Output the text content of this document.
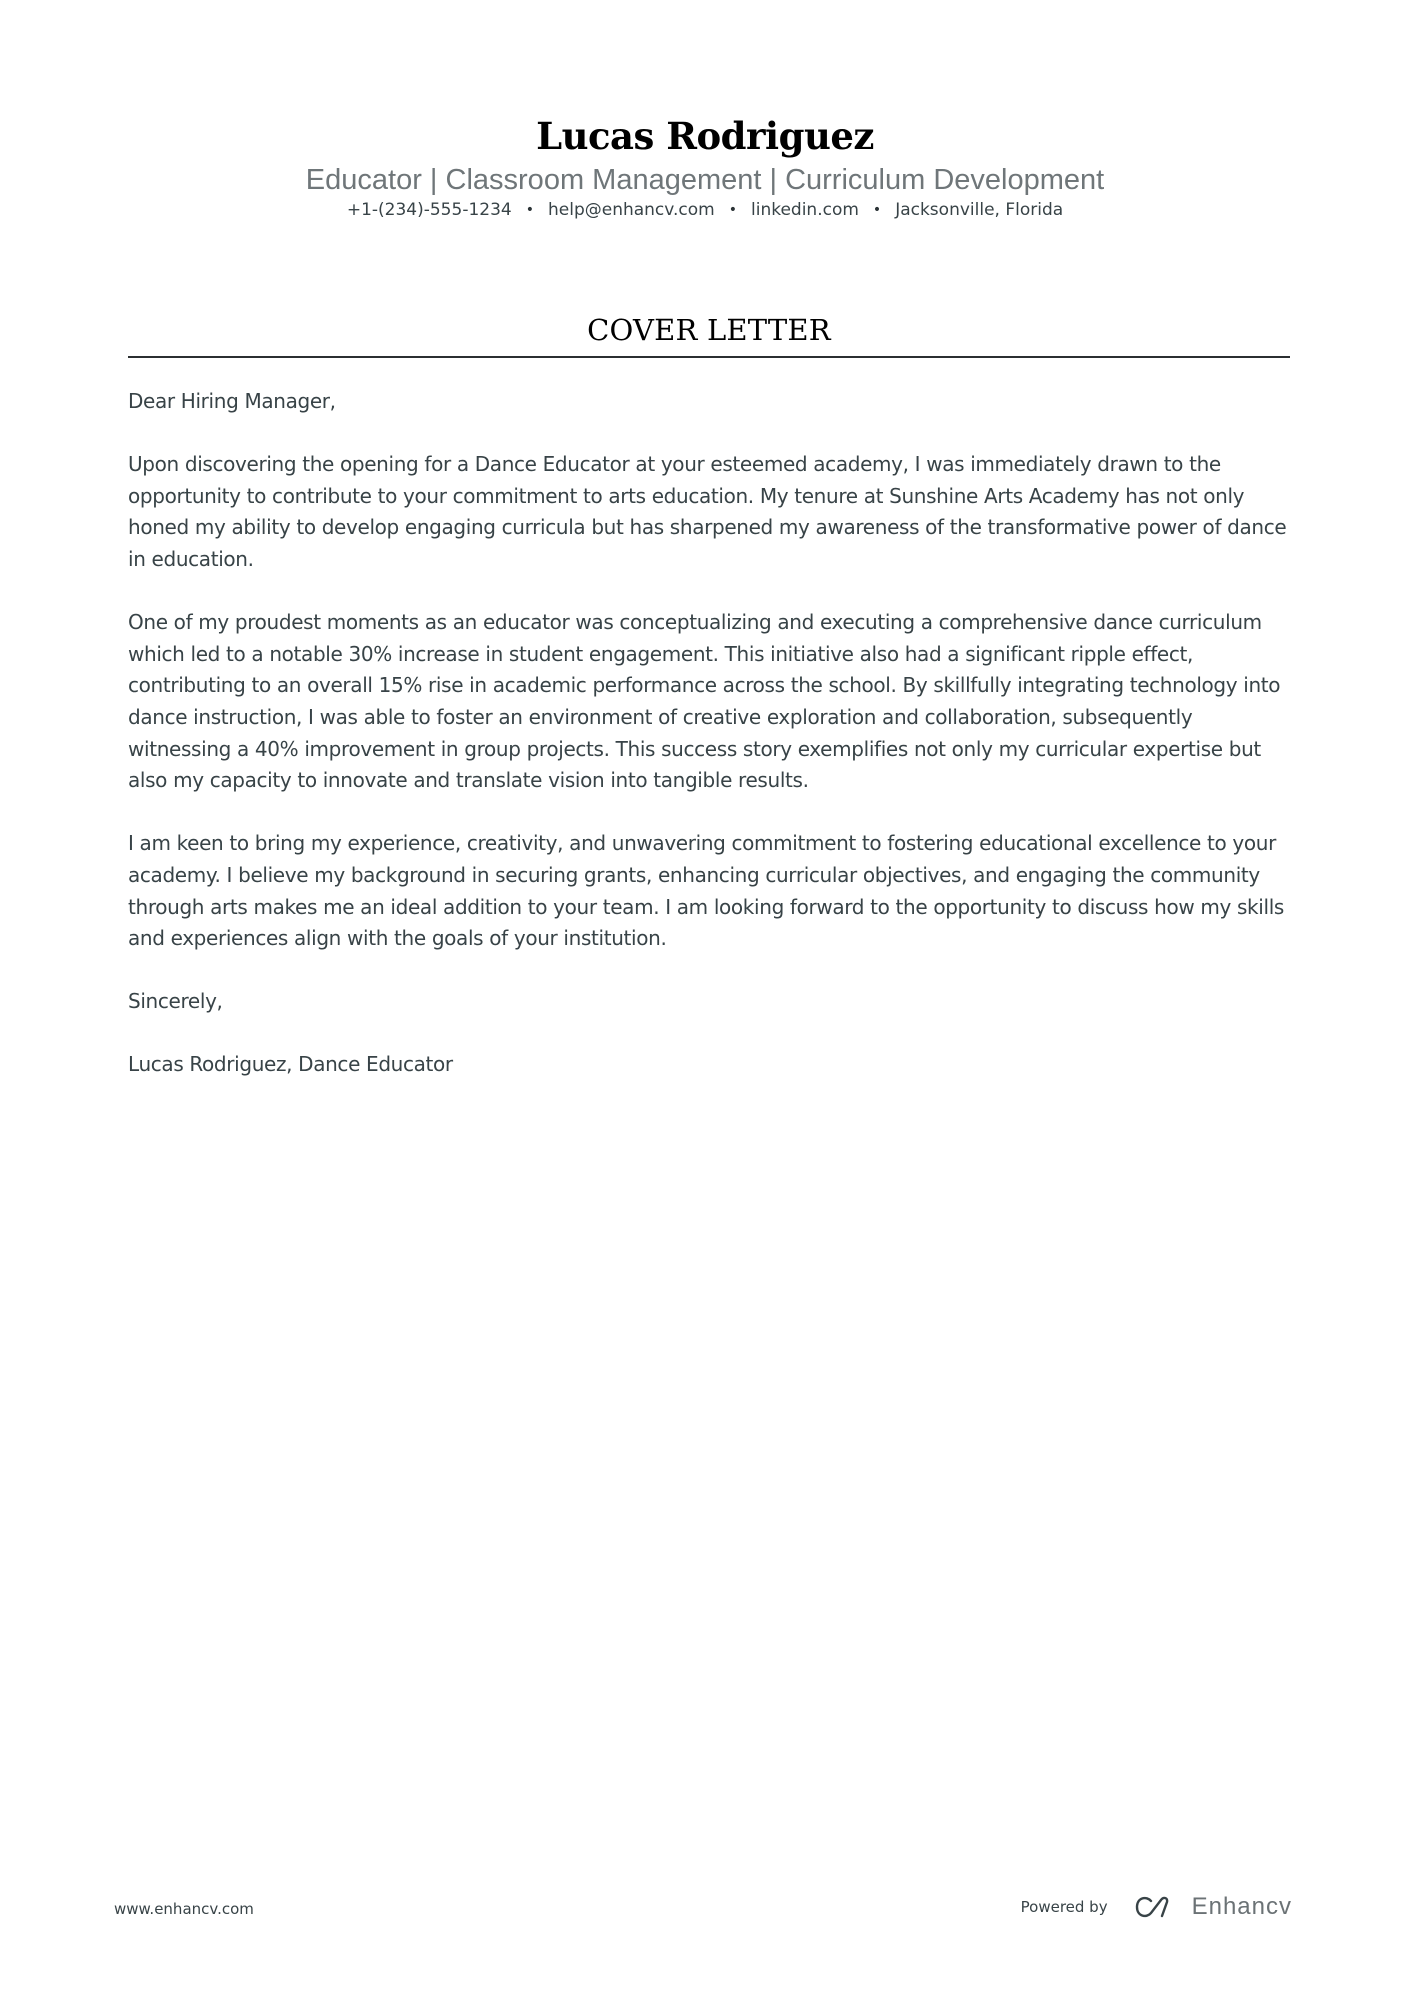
Lucas Rodriguez
Educator | Classroom Management | Curriculum Development
+1-(234)-555-1234 • help@enhancv.com • linkedin.com • Jacksonville, Florida
COVER LETTER

Dear Hiring Manager,

Upon discovering the opening for a Dance Educator at your esteemed academy, I was immediately drawn to the opportunity to contribute to your commitment to arts education. My tenure at Sunshine Arts Academy has not only honed my ability to develop engaging curricula but has sharpened my awareness of the transformative power of dance in education.

One of my proudest moments as an educator was conceptualizing and executing a comprehensive dance curriculum which led to a notable 30% increase in student engagement. This initiative also had a significant ripple effect, contributing to an overall 15% rise in academic performance across the school. By skillfully integrating technology into dance instruction, I was able to foster an environment of creative exploration and collaboration, subsequently witnessing a 40% improvement in group projects. This success story exemplifies not only my curricular expertise but also my capacity to innovate and translate vision into tangible results.

I am keen to bring my experience, creativity, and unwavering commitment to fostering educational excellence to your academy. I believe my background in securing grants, enhancing curricular objectives, and engaging the community through arts makes me an ideal addition to your team. I am looking forward to the opportunity to discuss how my skills and experiences align with the goals of your institution.

Sincerely,

Lucas Rodriguez, Dance Educator

www.enhancv.com	Powered by	Enhancv
